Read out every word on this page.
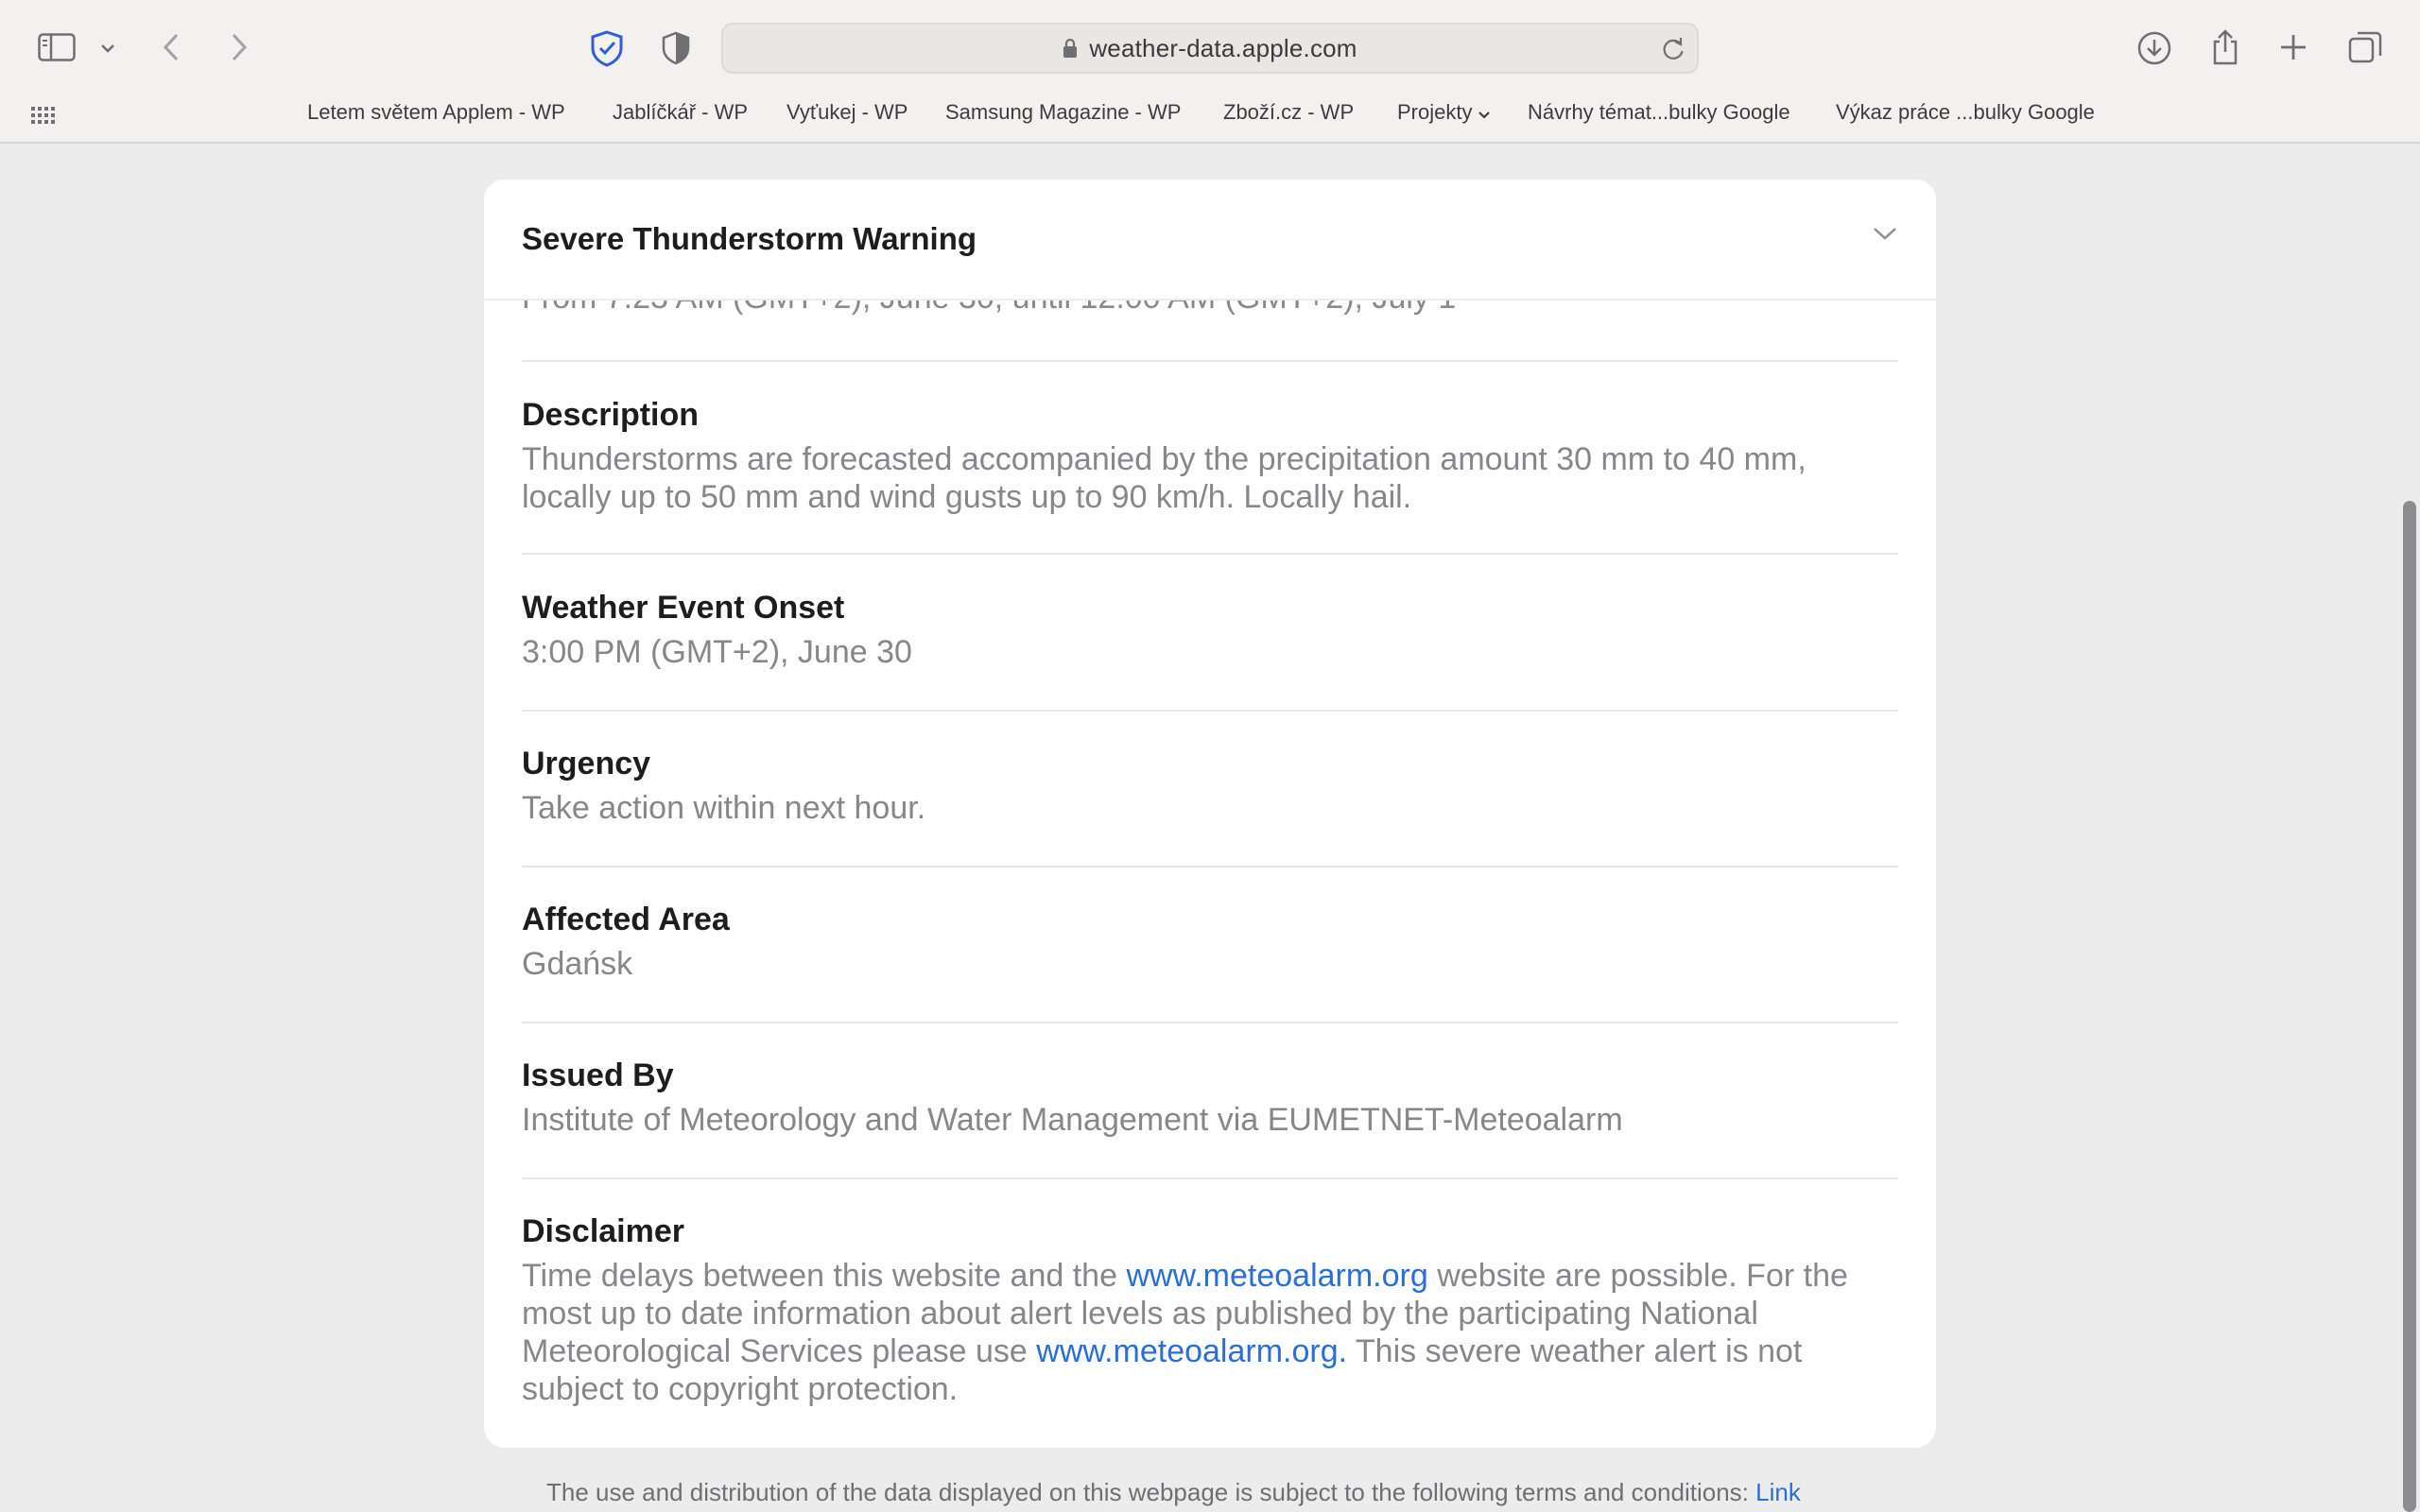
weather-data.apple.com
Letem světem Applem - WP Jablíčkář - WP Vyťukej - WP Samsung Magazine - WP Zboží.cz - WP Projekty	Návrhy témat...bulky Google Výkaz práce ...bulky Google
Severe Thunderstorm Warning
Description
Thunderstorms are forecasted accompanied by the precipitation amount 30 mm to 40 mm, locally up to 50 mm and wind gusts up to 90 km/h. Locally hail.
Weather Event Onset
3:00 PM (GMT+2), June 30
Urgency
Take action within next hour.
Affected Area
Gdańsk
Issued By
Institute of Meteorology and Water Management via EUMETNET-Meteoalarm
Disclaimer
Time delays between this website and the www.meteoalarm.org website are possible. For the most up to date information about alert levels as published by the participating National Meteorological Services please use www.meteoalarm.org. This severe weather alert is not subject to copyright protection.
The use and distribution of the data displayed on this webpage is subject to the following terms and conditions: Link
